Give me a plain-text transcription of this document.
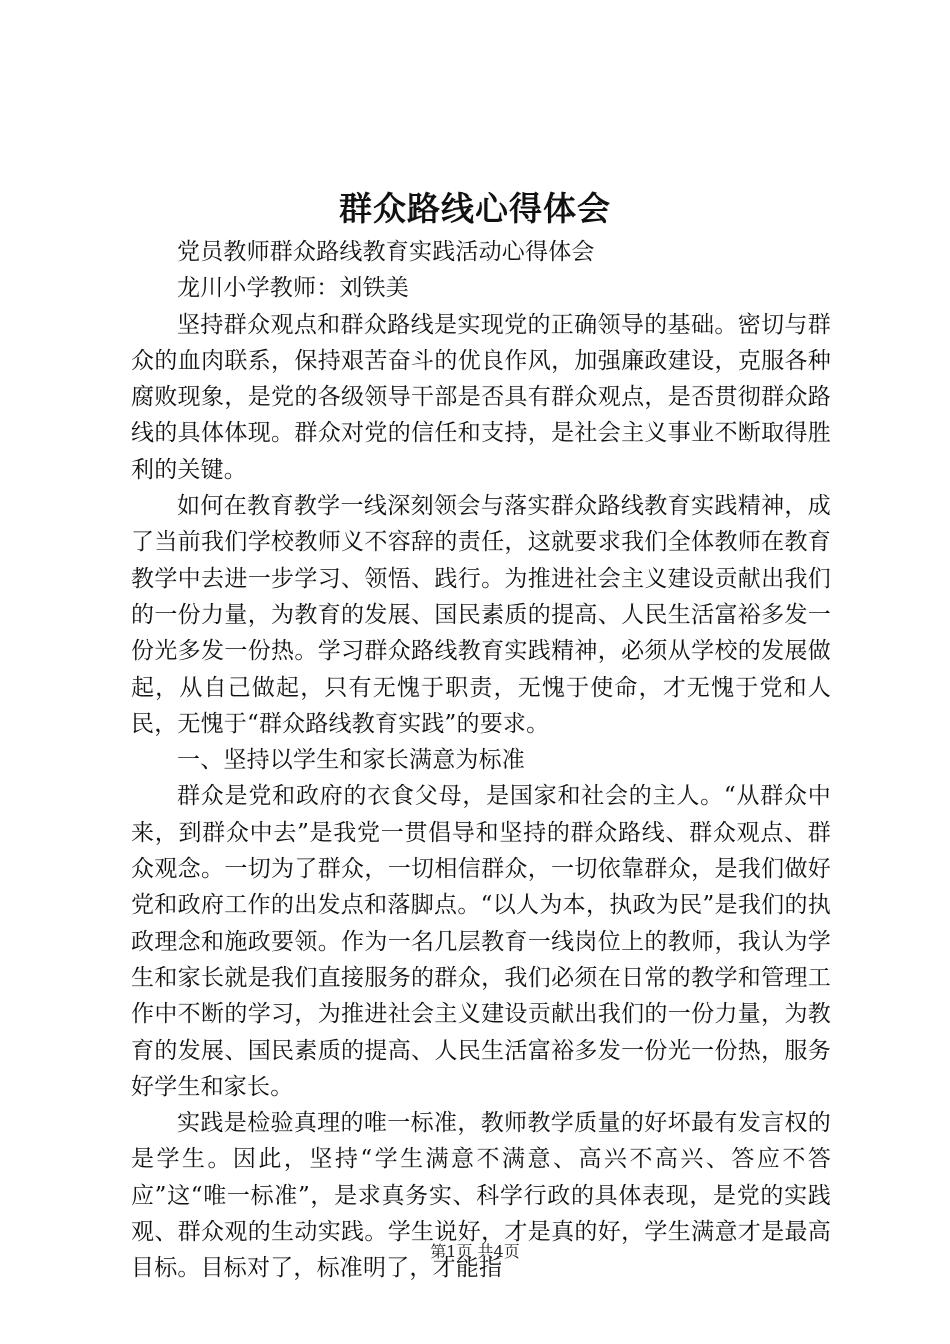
群众路线心得体会

党员教师群众路线教育实践活动心得体会

龙川小学教师：刘铁美

坚持群众观点和群众路线是实现党的正确领导的基础。密切与群众的血肉联系，保持艰苦奋斗的优良作风，加强廉政建设，克服各种腐败现象，是党的各级领导干部是否具有群众观点，是否贯彻群众路线的具体体现。群众对党的信任和支持，是社会主义事业不断取得胜利的关键。

如何在教育教学一线深刻领会与落实群众路线教育实践精神，成了当前我们学校教师义不容辞的责任，这就要求我们全体教师在教育教学中去进一步学习、领悟、践行。为推进社会主义建设贡献出我们的一份力量，为教育的发展、国民素质的提高、人民生活富裕多发一份光多发一份热。学习群众路线教育实践精神，必须从学校的发展做起，从自己做起，只有无愧于职责，无愧于使命，才无愧于党和人民，无愧于“群众路线教育实践”的要求。

一、坚持以学生和家长满意为标准

群众是党和政府的衣食父母，是国家和社会的主人。“从群众中来，到群众中去”是我党一贯倡导和坚持的群众路线、群众观点、群众观念。一切为了群众，一切相信群众，一切依靠群众，是我们做好党和政府工作的出发点和落脚点。“以人为本，执政为民”是我们的执政理念和施政要领。作为一名几层教育一线岗位上的教师，我认为学生和家长就是我们直接服务的群众，我们必须在日常的教学和管理工作中不断的学习，为推进社会主义建设贡献出我们的一份力量，为教育的发展、国民素质的提高、人民生活富裕多发一份光一份热，服务好学生和家长。

实践是检验真理的唯一标准，教师教学质量的好坏最有发言权的是学生。因此，坚持“学生满意不满意、高兴不高兴、答应不答应”这“唯一标准”，是求真务实、科学行政的具体表现，是党的实践观、群众观的生动实践。学生说好，才是真的好，学生满意才是最高目标。目标对了，标准明了，才能指

第1页 共4页
